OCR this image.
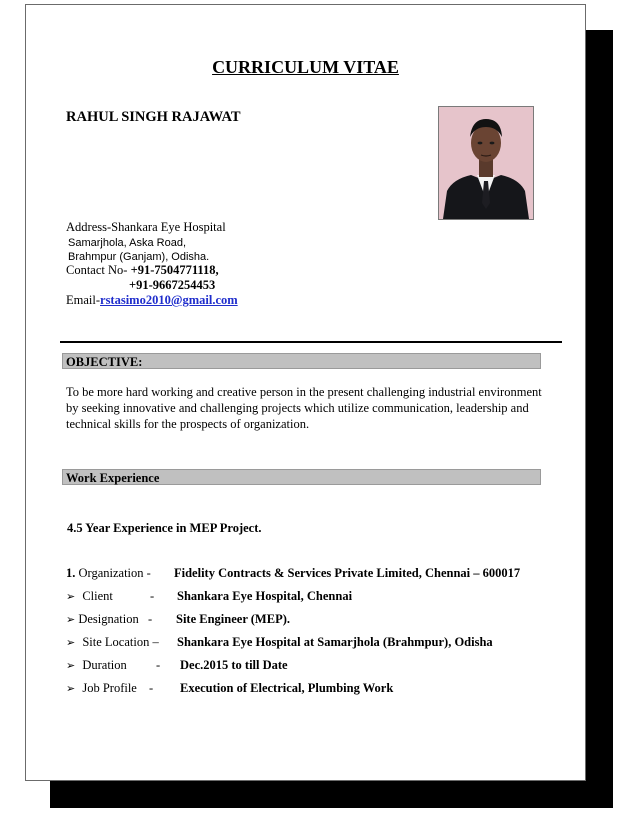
CURRICULUM VITAE
RAHUL SINGH RAJAWAT
Address-Shankara Eye Hospital
Samarjhola, Aska Road,
Brahmpur (Ganjam), Odisha.
Contact No- +91-7504771118,
+91-9667254453
Email-rstasimo2010@gmail.com
OBJECTIVE:
To be more hard working and creative person in the present challenging industrial environment by seeking innovative and challenging projects which utilize communication, leadership and technical skills for the prospects of organization.
Work Experience
4.5 Year Experience in MEP Project.
1. Organization - Fidelity Contracts & Services Private Limited, Chennai – 600017
➢ Client	- Shankara Eye Hospital, Chennai
➢ Designation - Site Engineer (MEP).
➢ Site Location – Shankara Eye Hospital at Samarjhola (Brahmpur), Odisha
➢ Duration - Dec.2015 to till Date
➢ Job Profile - Execution of Electrical, Plumbing Work
